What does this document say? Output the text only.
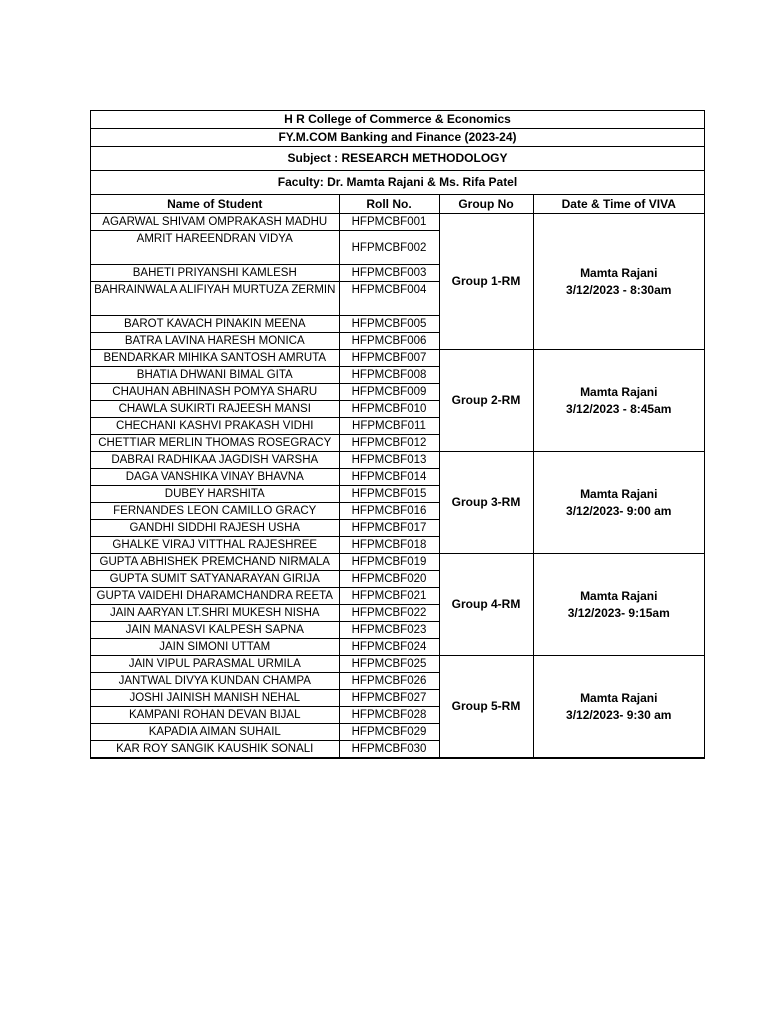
H R College of Commerce & Economics
FY.M.COM Banking and Finance (2023-24)
Subject : RESEARCH METHODOLOGY
Faculty: Dr. Mamta Rajani & Ms. Rifa Patel
Name of Student	Roll No.	Group No	Date & Time of VIVA
AGARWAL SHIVAM OMPRAKASH MADHU	HFPMCBF001	Group 1-RM	Mamta Rajani
3/12/2023 - 8:30am

AMRIT HAREENDRAN VIDYA	HFPMCBF002		
BAHETI PRIYANSHI KAMLESH	HFPMCBF003		
BAHRAINWALA ALIFIYAH MURTUZA ZERMIN	HFPMCBF004		
BAROT KAVACH PINAKIN MEENA	HFPMCBF005		
BATRA LAVINA HARESH MONICA	HFPMCBF006		
BENDARKAR MIHIKA SANTOSH AMRUTA	HFPMCBF007	Group 2-RM	Mamta Rajani
3/12/2023 - 8:45am

BHATIA DHWANI BIMAL GITA	HFPMCBF008		
CHAUHAN ABHINASH POMYA SHARU	HFPMCBF009		
CHAWLA SUKIRTI RAJEESH MANSI	HFPMCBF010		
CHECHANI KASHVI PRAKASH VIDHI	HFPMCBF011		
CHETTIAR MERLIN THOMAS ROSEGRACY	HFPMCBF012		
DABRAI RADHIKAA JAGDISH VARSHA	HFPMCBF013	Group 3-RM	Mamta Rajani
3/12/2023- 9:00 am

DAGA VANSHIKA VINAY BHAVNA	HFPMCBF014		
DUBEY HARSHITA	HFPMCBF015		
FERNANDES LEON CAMILLO GRACY	HFPMCBF016		
GANDHI SIDDHI RAJESH USHA	HFPMCBF017		
GHALKE VIRAJ VITTHAL RAJESHREE	HFPMCBF018		
GUPTA ABHISHEK PREMCHAND NIRMALA	HFPMCBF019	Group 4-RM	Mamta Rajani
3/12/2023- 9:15am

GUPTA SUMIT SATYANARAYAN GIRIJA	HFPMCBF020		
GUPTA VAIDEHI DHARAMCHANDRA REETA	HFPMCBF021		
JAIN AARYAN LT.SHRI MUKESH NISHA	HFPMCBF022		
JAIN MANASVI KALPESH SAPNA	HFPMCBF023		
JAIN SIMONI UTTAM	HFPMCBF024		
JAIN VIPUL PARASMAL URMILA	HFPMCBF025	Group 5-RM	Mamta Rajani
3/12/2023- 9:30 am

JANTWAL DIVYA KUNDAN CHAMPA	HFPMCBF026		
JOSHI JAINISH MANISH NEHAL	HFPMCBF027		
KAMPANI ROHAN DEVAN BIJAL	HFPMCBF028		
KAPADIA AIMAN SUHAIL	HFPMCBF029		
KAR ROY SANGIK KAUSHIK SONALI	HFPMCBF030		
